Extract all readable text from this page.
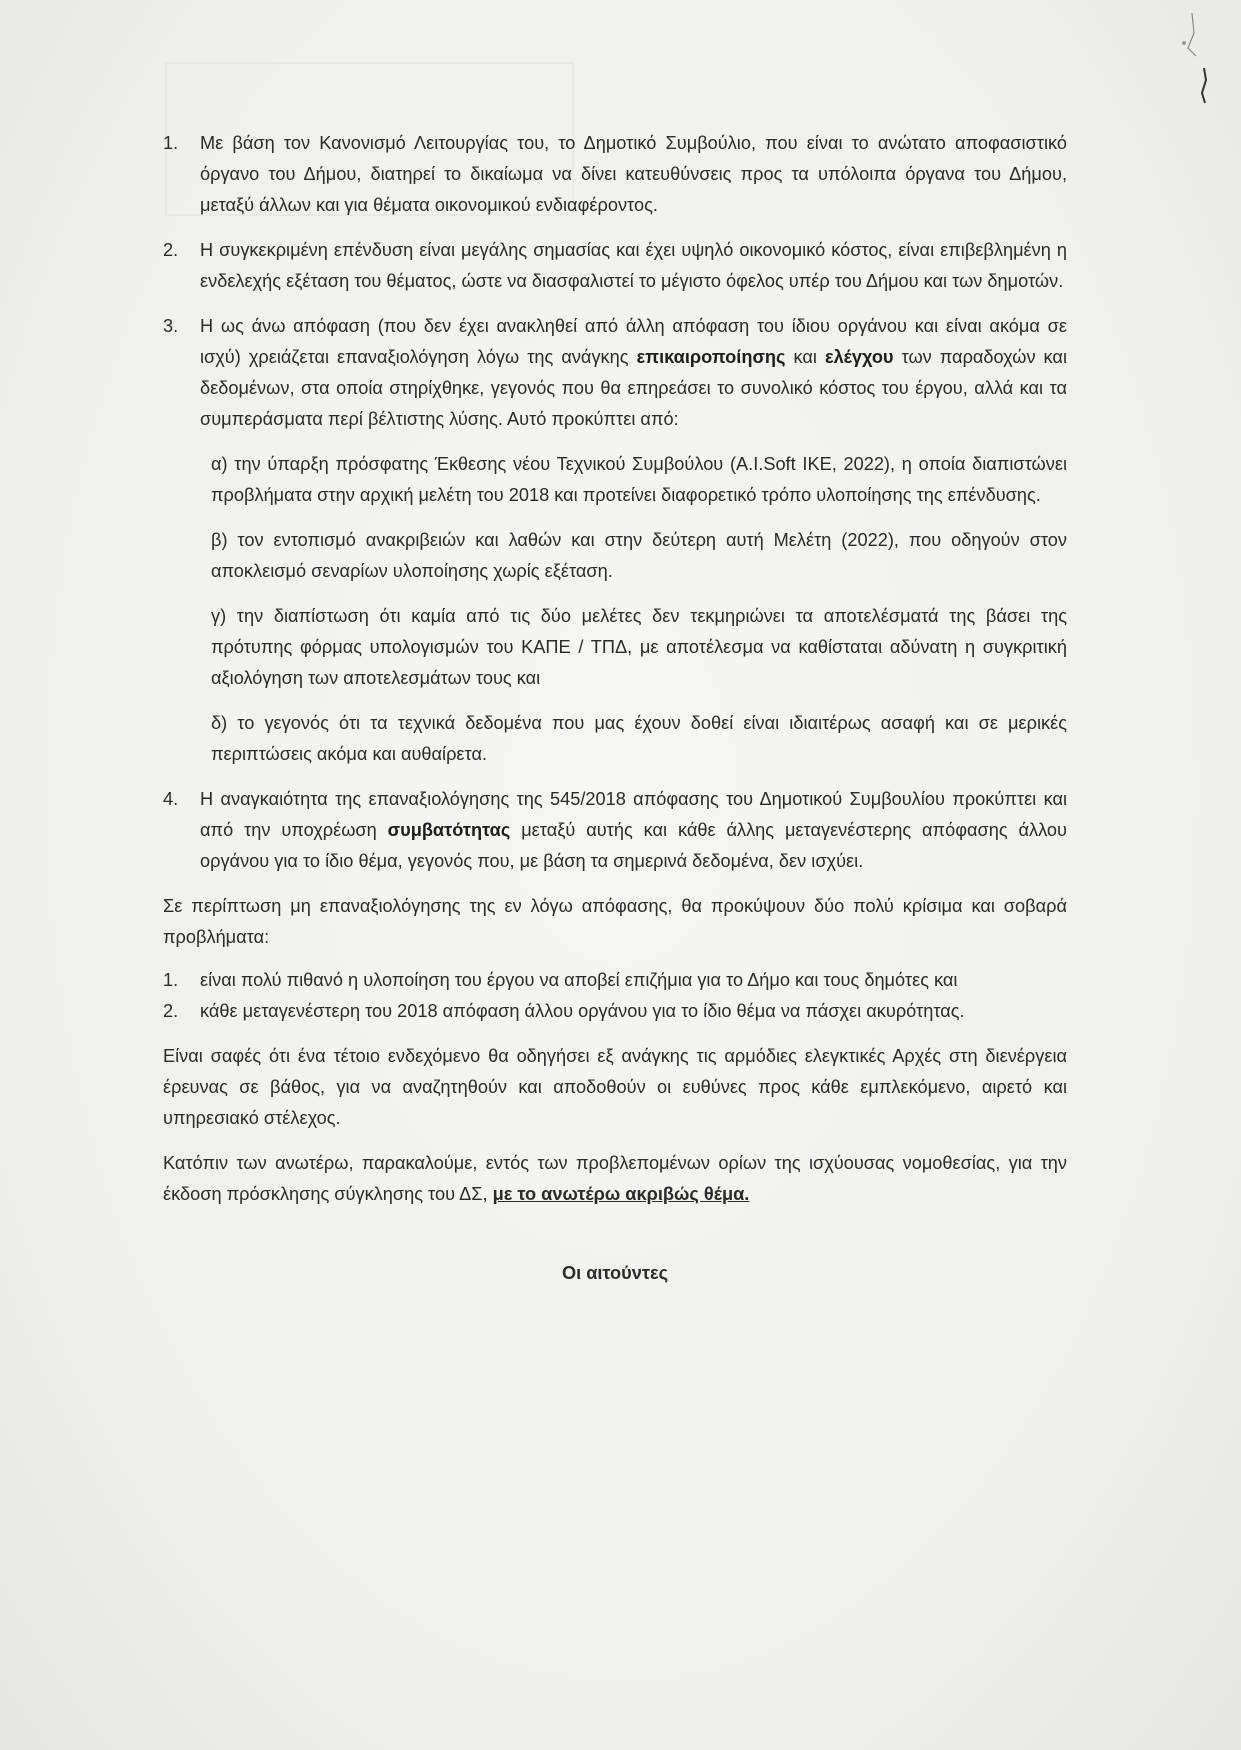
1.	Με βάση τον Κανονισμό Λειτουργίας του, το Δημοτικό Συμβούλιο, που είναι το ανώτατο αποφασιστικό όργανο του Δήμου, διατηρεί το δικαίωμα να δίνει κατευθύνσεις προς τα υπόλοιπα όργανα του Δήμου, μεταξύ άλλων και για θέματα οικονομικού ενδιαφέροντος.
2.	Η συγκεκριμένη επένδυση είναι μεγάλης σημασίας και έχει υψηλό οικονομικό κόστος, είναι επιβεβλημένη η ενδελεχής εξέταση του θέματος, ώστε να διασφαλιστεί το μέγιστο όφελος υπέρ του Δήμου και των δημοτών.
3.	Η ως άνω απόφαση (που δεν έχει ανακληθεί από άλλη απόφαση του ίδιου οργάνου και είναι ακόμα σε ισχύ) χρειάζεται επαναξιολόγηση λόγω της ανάγκης επικαιροποίησης και ελέγχου των παραδοχών και δεδομένων, στα οποία στηρίχθηκε, γεγονός που θα επηρεάσει το συνολικό κόστος του έργου, αλλά και τα συμπεράσματα περί βέλτιστης λύσης. Αυτό προκύπτει από:

α) την ύπαρξη πρόσφατης Έκθεσης νέου Τεχνικού Συμβούλου (A.I.Soft IKE, 2022), η οποία διαπιστώνει προβλήματα στην αρχική μελέτη του 2018 και προτείνει διαφορετικό τρόπο υλοποίησης της επένδυσης.

β) τον εντοπισμό ανακριβειών και λαθών και στην δεύτερη αυτή Μελέτη (2022), που οδηγούν στον αποκλεισμό σεναρίων υλοποίησης χωρίς εξέταση.

γ) την διαπίστωση ότι καμία από τις δύο μελέτες δεν τεκμηριώνει τα αποτελέσματά της βάσει της πρότυπης φόρμας υπολογισμών του ΚΑΠΕ / ΤΠΔ, με αποτέλεσμα να καθίσταται αδύνατη η συγκριτική αξιολόγηση των αποτελεσμάτων τους και

δ) το γεγονός ότι τα τεχνικά δεδομένα που μας έχουν δοθεί είναι ιδιαιτέρως ασαφή και σε μερικές περιπτώσεις ακόμα και αυθαίρετα.

4.	Η αναγκαιότητα της επαναξιολόγησης της 545/2018 απόφασης του Δημοτικού Συμβουλίου προκύπτει και από την υποχρέωση συμβατότητας μεταξύ αυτής και κάθε άλλης μεταγενέστερης απόφασης άλλου οργάνου για το ίδιο θέμα, γεγονός που, με βάση τα σημερινά δεδομένα, δεν ισχύει.

Σε περίπτωση μη επαναξιολόγησης της εν λόγω απόφασης, θα προκύψουν δύο πολύ κρίσιμα και σοβαρά προβλήματα:

1.	είναι πολύ πιθανό η υλοποίηση του έργου να αποβεί επιζήμια για το Δήμο και τους δημότες και
2.	κάθε μεταγενέστερη του 2018 απόφαση άλλου οργάνου για το ίδιο θέμα να πάσχει ακυρότητας.

Είναι σαφές ότι ένα τέτοιο ενδεχόμενο θα οδηγήσει εξ ανάγκης τις αρμόδιες ελεγκτικές Αρχές στη διενέργεια έρευνας σε βάθος, για να αναζητηθούν και αποδοθούν οι ευθύνες προς κάθε εμπλεκόμενο, αιρετό και υπηρεσιακό στέλεχος.

Κατόπιν των ανωτέρω, παρακαλούμε, εντός των προβλεπομένων ορίων της ισχύουσας νομοθεσίας, για την έκδοση πρόσκλησης σύγκλησης του ΔΣ, με το ανωτέρω ακριβώς θέμα.

Οι αιτούντες
